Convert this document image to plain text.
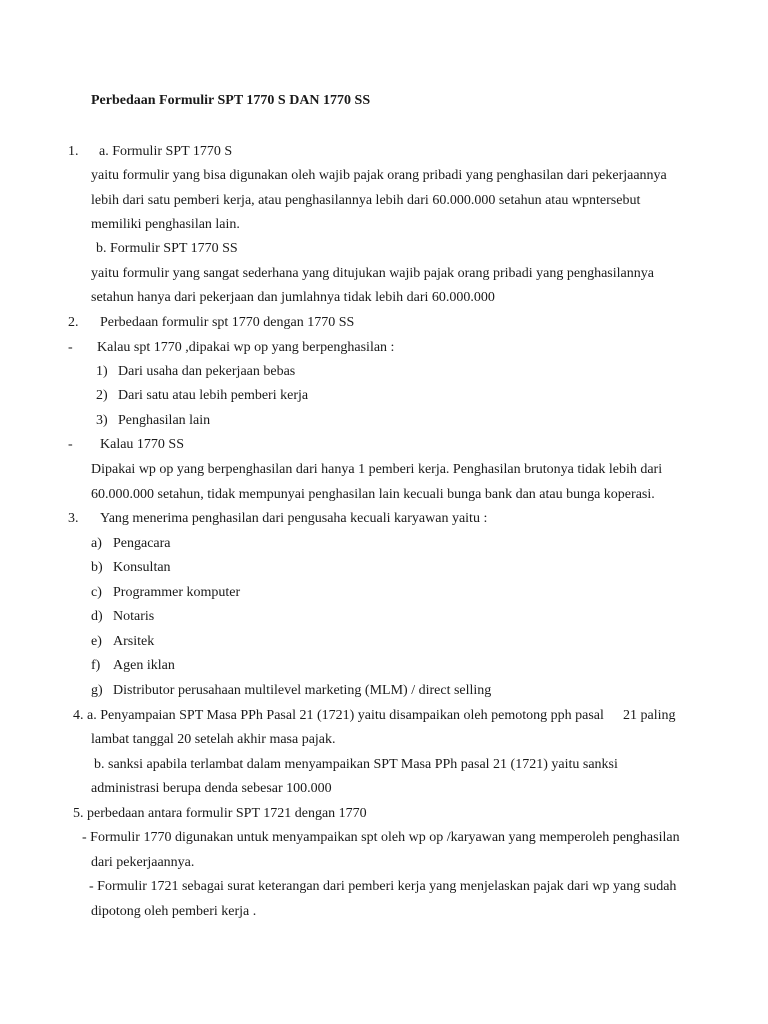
Perbedaan Formulir SPT 1770 S DAN 1770 SS
1. a. Formulir SPT 1770 S
yaitu formulir yang bisa digunakan oleh wajib pajak orang pribadi yang penghasilan dari pekerjaannya
lebih dari satu pemberi kerja, atau penghasilannya lebih dari 60.000.000 setahun atau wpntersebut
memiliki penghasilan lain.
b. Formulir SPT 1770 SS
yaitu formulir yang sangat sederhana yang ditujukan wajib pajak orang pribadi yang penghasilannya
setahun hanya dari pekerjaan dan jumlahnya tidak lebih dari 60.000.000
2. Perbedaan formulir spt 1770 dengan 1770 SS
- Kalau spt 1770 ,dipakai wp op yang berpenghasilan :
1) Dari usaha dan pekerjaan bebas
2) Dari satu atau lebih pemberi kerja
3) Penghasilan lain
- Kalau 1770 SS
Dipakai wp op yang berpenghasilan dari hanya 1 pemberi kerja. Penghasilan brutonya tidak lebih dari
60.000.000 setahun, tidak mempunyai penghasilan lain kecuali bunga bank dan atau bunga koperasi.
3. Yang menerima penghasilan dari pengusaha kecuali karyawan yaitu :
a) Pengacara
b) Konsultan
c) Programmer komputer
d) Notaris
e) Arsitek
f) Agen iklan
g) Distributor perusahaan multilevel marketing (MLM) / direct selling
4. a. Penyampaian SPT Masa PPh Pasal 21 (1721) yaitu disampaikan oleh pemotong pph pasal 21 paling
lambat tanggal 20 setelah akhir masa pajak.
b. sanksi apabila terlambat dalam menyampaikan SPT Masa PPh pasal 21 (1721) yaitu sanksi
administrasi berupa denda sebesar 100.000
5. perbedaan antara formulir SPT 1721 dengan 1770
- Formulir 1770 digunakan untuk menyampaikan spt oleh wp op /karyawan yang memperoleh penghasilan
dari pekerjaannya.
- Formulir 1721 sebagai surat keterangan dari pemberi kerja yang menjelaskan pajak dari wp yang sudah
dipotong oleh pemberi kerja .
